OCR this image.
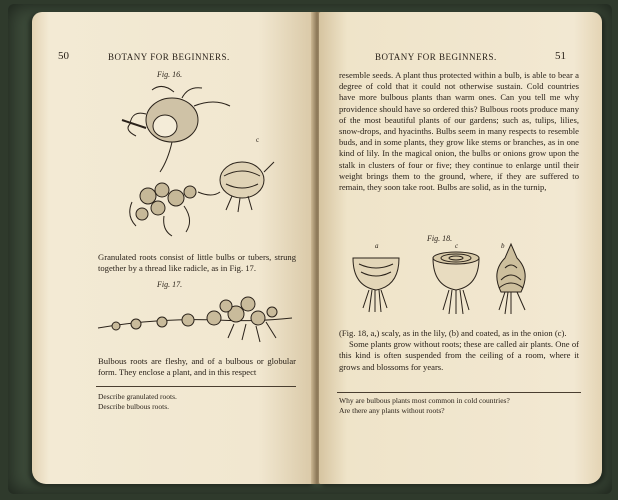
50	BOTANY FOR BEGINNERS.
Fig. 16.
c
Granulated roots consist of little bulbs or tubers, strung together by a thread like radicle, as in Fig. 17.
Fig. 17.
Bulbous roots are fleshy, and of a bulbous or globular form. They enclose a plant, and in this respect
Describe granulated roots.
Describe bulbous roots.
BOTANY FOR BEGINNERS.	51
resemble seeds. A plant thus protected within a bulb, is able to bear a degree of cold that it could not otherwise sustain. Cold countries have more bulbous plants than warm ones. Can you tell me why providence should have so ordered this? Bulbous roots produce many of the most beautiful plants of our gardens; such as, tulips, lilies, snow-drops, and hyacinths. Bulbs seem in many respects to resemble buds, and in some plants, they grow like stems or branches, as in one kind of lily. In the magical onion, the bulbs or onions grow upon the stalk in clusters of four or five; they continue to enlarge until their weight brings them to the ground, where, if they are suffered to remain, they soon take root. Bulbs are solid, as in the turnip,
Fig. 18.
a	c	b

(Fig. 18, a,) scaly, as in the lily, (b) and coated, as in the onion (c).

Some plants grow without roots; these are called air plants. One of this kind is often suspended from the ceiling of a room, where it grows and blossoms for years.

Why are bulbous plants most common in cold countries?
Are there any plants without roots?
